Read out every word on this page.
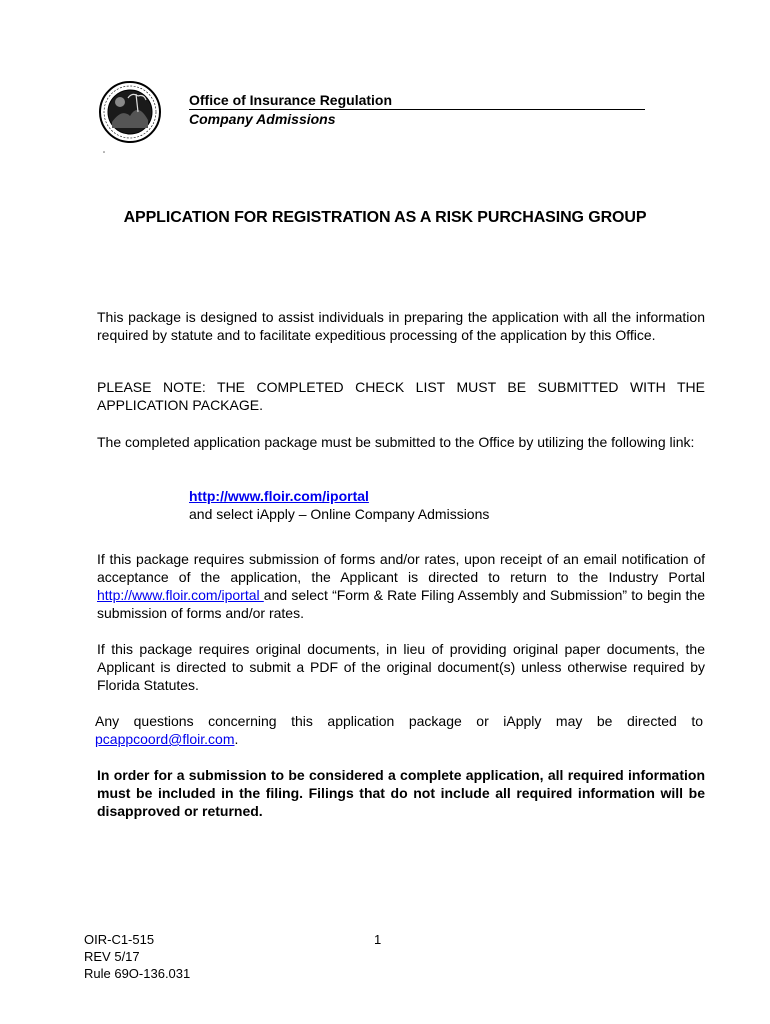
Office of Insurance Regulation
Company Admissions
APPLICATION FOR REGISTRATION AS A RISK PURCHASING GROUP
This package is designed to assist individuals in preparing the application with all the information required by statute and to facilitate expeditious processing of the application by this Office.
PLEASE NOTE: THE COMPLETED CHECK LIST MUST BE SUBMITTED WITH THE APPLICATION PACKAGE.
The completed application package must be submitted to the Office by utilizing the following link:
http://www.floir.com/iportal
and select iApply – Online Company Admissions
If this package requires submission of forms and/or rates, upon receipt of an email notification of acceptance of the application, the Applicant is directed to return to the Industry Portal http://www.floir.com/iportal and select “Form & Rate Filing Assembly and Submission” to begin the submission of forms and/or rates.
If this package requires original documents, in lieu of providing original paper documents, the Applicant is directed to submit a PDF of the original document(s) unless otherwise required by Florida Statutes.
Any questions concerning this application package or iApply may be directed to pcappcoord@floir.com.
In order for a submission to be considered a complete application, all required information must be included in the filing. Filings that do not include all required information will be disapproved or returned.
OIR-C1-515
REV 5/17
Rule 69O-136.031
1
